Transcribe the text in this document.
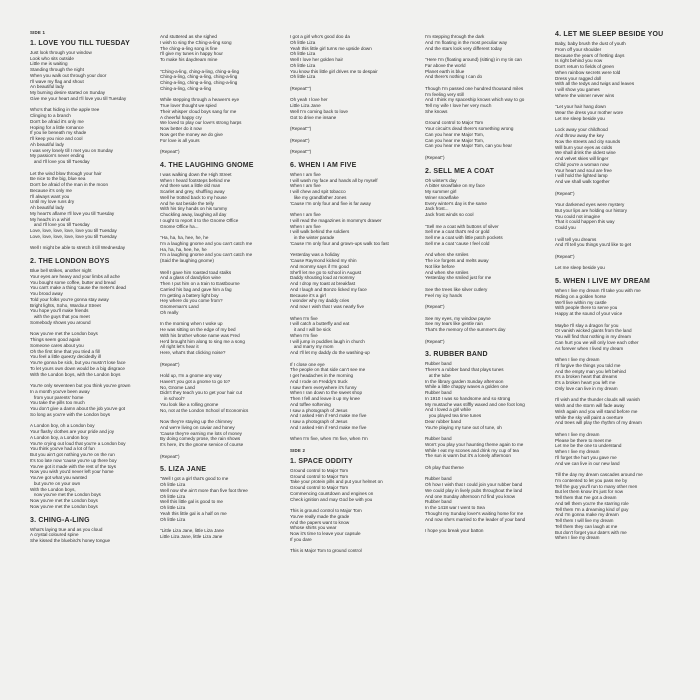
SIDE 1
1. LOVE YOU TILL TUESDAY
Just look through your window
Look who sits outside
Little me is waiting
Standing through the night
When you walk out through your door
I'll wave my flag and shout
An beautiful lady
My burning desire started on Sunday
Give me your heart and I'll love you till Tuesday

Who's that hiding in the apple tree
Clinging to a branch
Don't be afraid it's only me
Hoping for a little romance
If you lie beneath my shade
I'll keep you nice and cool
Ah beautiful lady
I was very lonely till I met you on Sunday
My passion's never ending
and I'll love you till Tuesday

Let the wind blow through your hair
Be nice to the big, blue sea
Don't be afraid of the man in the moon
Because it's only me
I'll always want you
Until my love runs dry
Ah beautiful lady
My heart's aflame I'll love you till Tuesday
My head's in a whirl
and I'll love you till Tuesday
Love, love, love, love, love you till Tuesday
Love, love, love, love, love you till Tuesday

Well I might be able to stretch it till Wednesday
2. THE LONDON BOYS
Blue bell strikes, another night
Your eyes are heavy and your limbs all ache
You bought some coffee, butter and bread
You can't make a thing 'cause the meter's dead
You brood away
Told your folks you're gonna stay away
Bright lights, Soho, Wardour Street
You hope you'll make friends
with the guys that you meet
Somebody shows you around

Now you've met the London boys
Things seem good again
Someone cares about you
Oh the first time that you tried a fill
You feel a little queezy decidedly ill
You're gonna be sick, but you mustn't lose face
To let yours own down would be a big disgrace
With the London boys, with the London boys

You're only seventeen but you think you've grown
In a month you've been away
from your parents' home
You take the pills too much
You don't give a damn about the job you've got
So long as you're with the London boys

A London boy, oh a London boy
Your flashy clothes are your pride and joy
A London boy, a London boy
You're crying out loud that you're a London boy
You think you've had a lot of fun
But you ain't got nothing you're on the run
It's too late now 'cause you're up there boy
You've got it made with the rest of the toys
Now you wish you'd never left your home
You've got what you wanted
but you're on your own
With the London boys,
now you've met the London boys
Now you've met the London boys
Now you've met the London boys
3. CHING-A-LING
What's laying true and as you cloud
A crystal coloured spine
She kissed the bluebird's honey tongue
And stuttered as she sighed
I wish to sing the Ching-a-ling song
The ching-a-ling song is fine
I'll give my tunes in happy hour
To make his daydream mine

"Ching-a-ling, ching-a-ling, ching-a-ling
Ching-a-ling, ching-a-ling, ching-a-ling
Ching-a-ling, ching-a-ling, ching-a-ling
Ching-a-ling, ching-a-ling

While stepping through a heaven's eye
True lover thought we spied
Their whisper cloud boys sang for me
A cheerful happy cry
We loved to play our love's strong harps
Now better do it now
Now get the money we do give
For love is all yours

(Repeat")
4. THE LAUGHING GNOME
I was walking down the High Street
When I heard footsteps behind me
And there was a little old man
Scarlet and grey, shuffling away
Well he trotted back to my house
And he sat beside the telly
With his tiny hands on his tummy
Chuckling away, laughing all day
I ought to report it to the Gnome Office
Gnome Office ha...

"Ha, ha, ha, hee, he, he
I'm a laughing gnome and you can't catch me
Ha, ha, ha, hee, he, he
I'm a laughing gnome and you can't catch me
(Said the laughing gnome)

Well I gave him roasted toad stalks
And a glass of dandylion wine
Then I put him on a train to Eastbourne
Carried his bag and gave him a fag
I'm getting a battery light boy
Hey where do you come from?
Gnomeman's Land
Oh really

In the morning when I woke up
He was sitting on the edge of my bed
With his brother whose name was Fred
He'd brought him along to sing me a song
All right let's hear it
Here, what's that clicking noise?

(Repeat")

Hold up, I'm a gnome any way
Haven't you got a gnome to go to?
No, Gnome Land
Didn't they teach you to get your hair cut
in school?
You look like a rolling gnome
No, not at the London School of Economics

Now they're staying up the chimney
And we're living on caviar and honey
'Cause they're earning me lots of money
By doing comedy prose, the rain shows
It's here, it's the gnome service of course

(Repeat")
5. LIZA JANE
"Well I got a girl that's good to me
Oh little Liza
Well now she ain't more than five foot three
Oh little Liza
Well this little gal is good to me
Oh little Liza
Yeah this little gal is a half on me
Oh little Liza

"Little Liza Jane, little Liza Jane
Little Liza Jane, little Liza Jane
I got a girl who's good doo da
Oh little Liza
Yeah this little girl turns me upside down
Oh little Liza
Well I love her golden hair
Oh little Liza
You know this little girl drives me to despair
Oh little Liza

(Repeat"")

Oh yeah I love her
Little Liza Jane
Well I'm coming back to love
Got to drive me insane

(Repeat"")

(Repeat")

(Repeat"")
6. WHEN I AM FIVE
When I am five
I will wash my face and hands all by myself
When I am five
I will chew and spit tobacco
like my grandfather Jones
'Cause I'm only four and five is far away

When I am five
I will read the magazines in mommy's drawer
When I am five
I will walk behind the soldiers
in the winter parade
'Cause I'm only four and grown-ups walk too fast

Yesterday was a holiday
'Cause Raymond kicked my shin
And mommy says if I'm good
She'll let me go to school in August
Daddy shouting loud at mommy
And I drop my toast at breakfast
And I laugh and Bonzo licked my face
Because it's a girl
I wonder why my daddy cries
And now I wish that I was nearly five

When I'm five
I will catch a butterfly and eat
it and I will be sick
When I'm five
I will jump in puddles laugh in church
and marry my mom
And I'll let my daddy do the washing-up

If I close one eye
The people on that side can't see me
I get headaches in the morning
And I rode on Freddy's truck
I saw them everywhere it's funny
When I ran down to the sweet shop
Then I fell and leave it up my knee
And toffee softening
I saw a photograph of Jesus
And I asked Him if He'd make me five
I saw a photograph of Jesus
And I asked Him if He'd make me five

When I'm five, when I'm five, when I'm
SIDE 2
1. SPACE ODDITY
Ground control to Major Tom
Ground control to Major Tom
Take your protein pills and put your helmet on
Ground control to Major Tom
Commencing countdown and engines on
Check ignition and may God be with you

This is ground control to Major Tom
You've really made the grade
And the papers want to know
Whose shirts you wear
Now it's time to leave your capsule
If you dare

This is Major Tom to ground control
I'm stepping through the dark
And I'm floating in the most peculiar way
And the stars look very different today

"Here I'm (floating around) (sitting) in my tin can
Far above the world
Planet earth is blue
And there's nothing I can do

Though I'm passed one hundred thousand miles
I'm feeling very still
And I think my spaceship knows which way to go
Tell my wife I love her very much
She knows

Ground control to Major Tom
Your circuit's dead there's something wrong
Can you hear me Major Tom,
Can you hear me Major Tom,
Can you hear me Major Tom, can you hear

(Repeat")
2. SELL ME A COAT
Oh winter's day
A bitter snowflake on my face
My summer girl
Winer snowflake
Every winter's day is the same
Jack frost...
Jack frost winds so cool

"Sell me a coat with buttons of silver
Sell me a coat that's red or gold
Sell me a coat with little patch pockets
Sell me a coat 'cause I feel cold

And when she smiles
The ice forgets and melts away
Not like before
And when she smiles
Yesterday she smiled just for me

See the trees like silver cutlery
Feel my icy hands

(Repeat")

See my eyes, my window payne
See my tears like gentle rain
That's the memory of the summer's day

(Repeat")
3. RUBBER BAND
Rubber band
There's a rubber band that plays tunes
at the tube
In the library garden Sunday afternoon
While a little chappy waves a golden one
Rubber band
In 1910 I was so handsome and so strong
My mustache was stiffly waxed and one foot long
And I loved a girl while
you played tea time tunes
Dear rubber band
You're playing my tune out of tune, oh

Rubber band
Won't you play your haunting theme again to me
While I eat my scones and drink my cup of tea
The sun is warm but it's a lonely afternoon

Oh play that theme

Rubber band
Oh how I wish that I could join your rubber band
We could play in lively pubs throughout the land
And one Sunday afternoon I'd find you know
Rubber band
In the 1418 war I went to Sea
Thought my Sunday lover's waiting home for me
And now she's married to the leader of your band

I hope you break your batton
4. LET ME SLEEP BESIDE YOU
Baby, baby brush the dust of youth
From off your shoulder
Because the years of fretting days
Is right behind you now
Don't return to fields of green
When rainbow secrets were told
Dress your ragged doll
With all the tedys and twigs and leaves
I will show you games
Where the winner never wins

"Let your hair hang down
Wear the dress your mother wore
Let me sleep beside you

Lock away your childhood
And throw away the key
Now the streets and city sounds
Will burn your eyes as colds
We shall drink the oldest wine
And velvet skies will linger
Child you're a woman now
Your heart and soul are free
I will hold the lighted lamp
And we shall walk together

(Repeat")

Your darkened eyes were mystery
But your lips are holding our history
You could not imagine
That it could happen this way
Could you

I will tell you dreams
And I'll tell you things you'd like to get

(Repeat")

Let me sleep beside you
5. WHEN I LIVE MY DREAM
When I live my dream I'll take you with me
Riding on a golden horse
We'll live within my castle
With people there to serve you
Happy at the sound of your voice

Maybe I'll slay a dragon for you
Or vanish wicked giants from the land
You will find that nothing in my dream
Can hurt you we will only love each other
As forever when I lived my dream

When I live my dream
I'll forgive the things you told me
And the empty man you left behind
It's a broken heart that dreams
It's a broken heart you left me
Only love can live in my dream

I'll wish and the thunder clouds will vanish
Wish and the storm will fade away
Wish again and you will stand before me
While the sky will paint a overture
And trees will play the rhythm of my dream

When I live my dream
Please be there to meet me
Let me be the one to understand
When I live my dream
I'll forget the hurt you gave me
And we can live in our new land

Till the day my dream cascades around me
I'm contented to let you pass me by
Tell the guy you'll run to many other men
But let them know it's just for now
Tell them that I've got a dream
And tell them you're the starring role
Tell them I'm a dreaming kind of guy
And I'm gonna make my dream
Tell them I will live my dream
Tell them they can laugh at me
But don't forget your date's with me
When I live my dream
